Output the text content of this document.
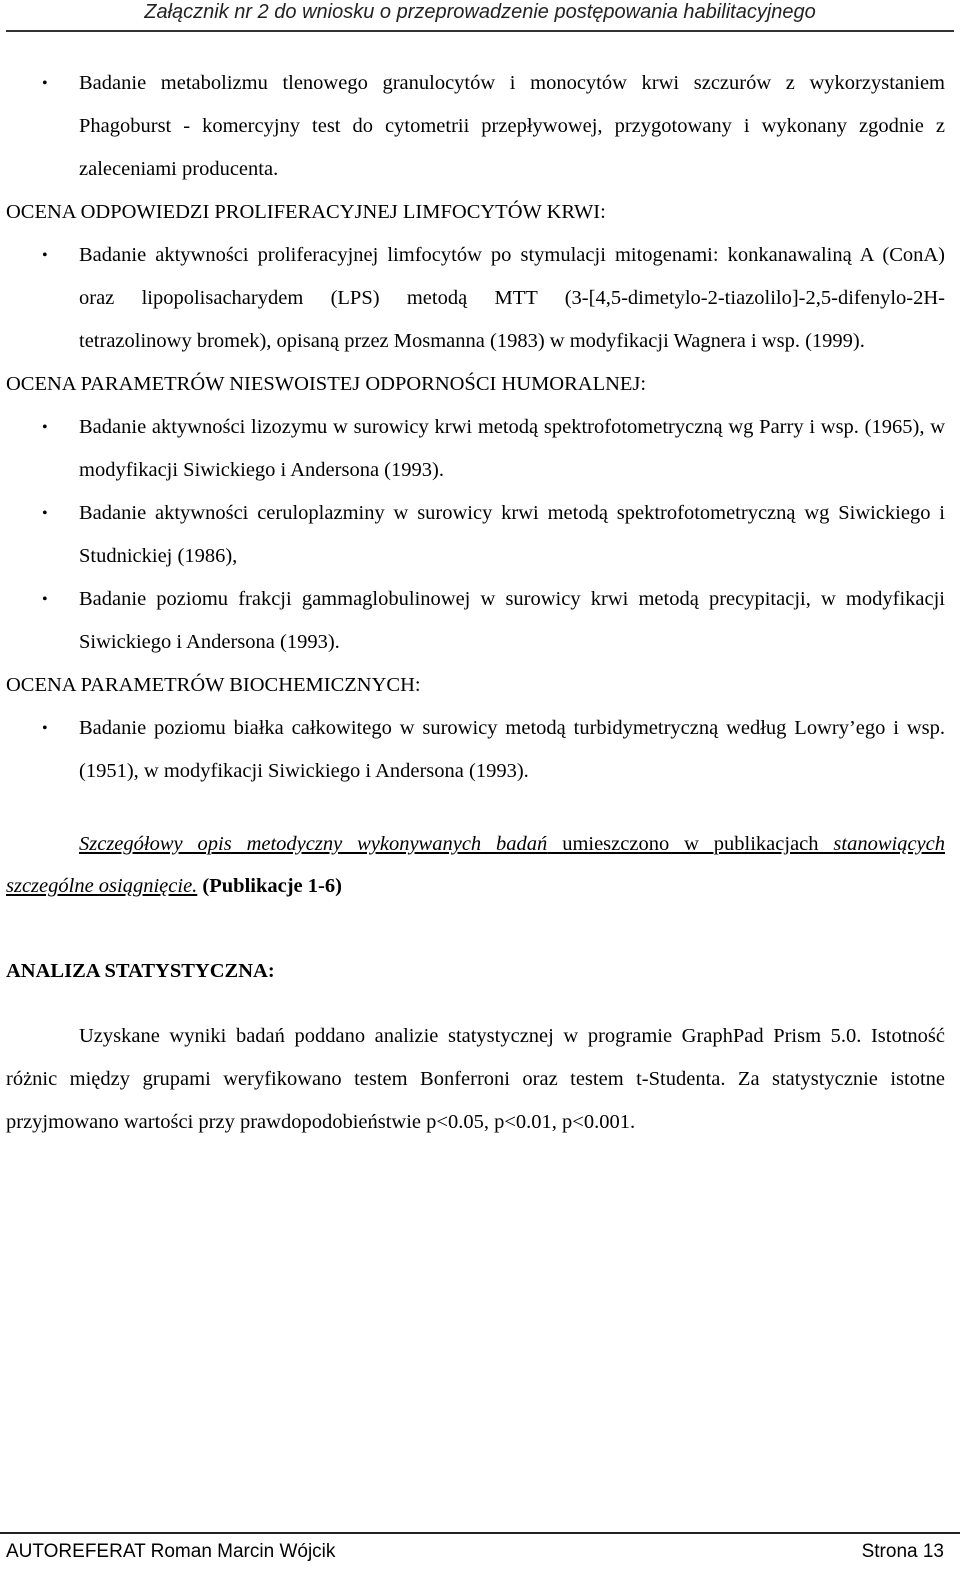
Załącznik nr 2 do wniosku o przeprowadzenie postępowania habilitacyjnego
• Badanie metabolizmu tlenowego granulocytów i monocytów krwi szczurów z wykorzystaniem Phagoburst - komercyjny test do cytometrii przepływowej, przygotowany i wykonany zgodnie z zaleceniami producenta.
OCENA ODPOWIEDZI PROLIFERACYJNEJ LIMFOCYTÓW KRWI:
• Badanie aktywności proliferacyjnej limfocytów po stymulacji mitogenami: konkanawaliną A (ConA) oraz lipopolisacharydem (LPS) metodą MTT (3-[4,5-dimetylo-2-tiazolilo]-2,5-difenylo-2H-tetrazolinowy bromek), opisaną przez Mosmanna (1983) w modyfikacji Wagnera i wsp. (1999).
OCENA PARAMETRÓW NIESWOISTEJ ODPORNOŚCI HUMORALNEJ:
• Badanie aktywności lizozymu w surowicy krwi metodą spektrofotometryczną wg Parry i wsp. (1965), w modyfikacji Siwickiego i Andersona (1993).
• Badanie aktywności ceruloplazminy w surowicy krwi metodą spektrofotometryczną wg Siwickiego i Studnickiej (1986),
• Badanie poziomu frakcji gammaglobulinowej w surowicy krwi metodą precypitacji, w modyfikacji Siwickiego i Andersona (1993).
OCENA PARAMETRÓW BIOCHEMICZNYCH:
• Badanie poziomu białka całkowitego w surowicy metodą turbidymetryczną według Lowry’ego i wsp. (1951), w modyfikacji Siwickiego i Andersona (1993).

Szczegółowy opis metodyczny wykonywanych badań umieszczono w publikacjach stanowiących szczególne osiągnięcie. (Publikacje 1-6)

ANALIZA STATYSTYCZNA:

Uzyskane wyniki badań poddano analizie statystycznej w programie GraphPad Prism 5.0. Istotność różnic między grupami weryfikowano testem Bonferroni oraz testem t-Studenta. Za statystycznie istotne przyjmowano wartości przy prawdopodobieństwie p<0.05, p<0.01, p<0.001.

AUTOREFERAT Roman Marcin Wójcik	Strona 13
